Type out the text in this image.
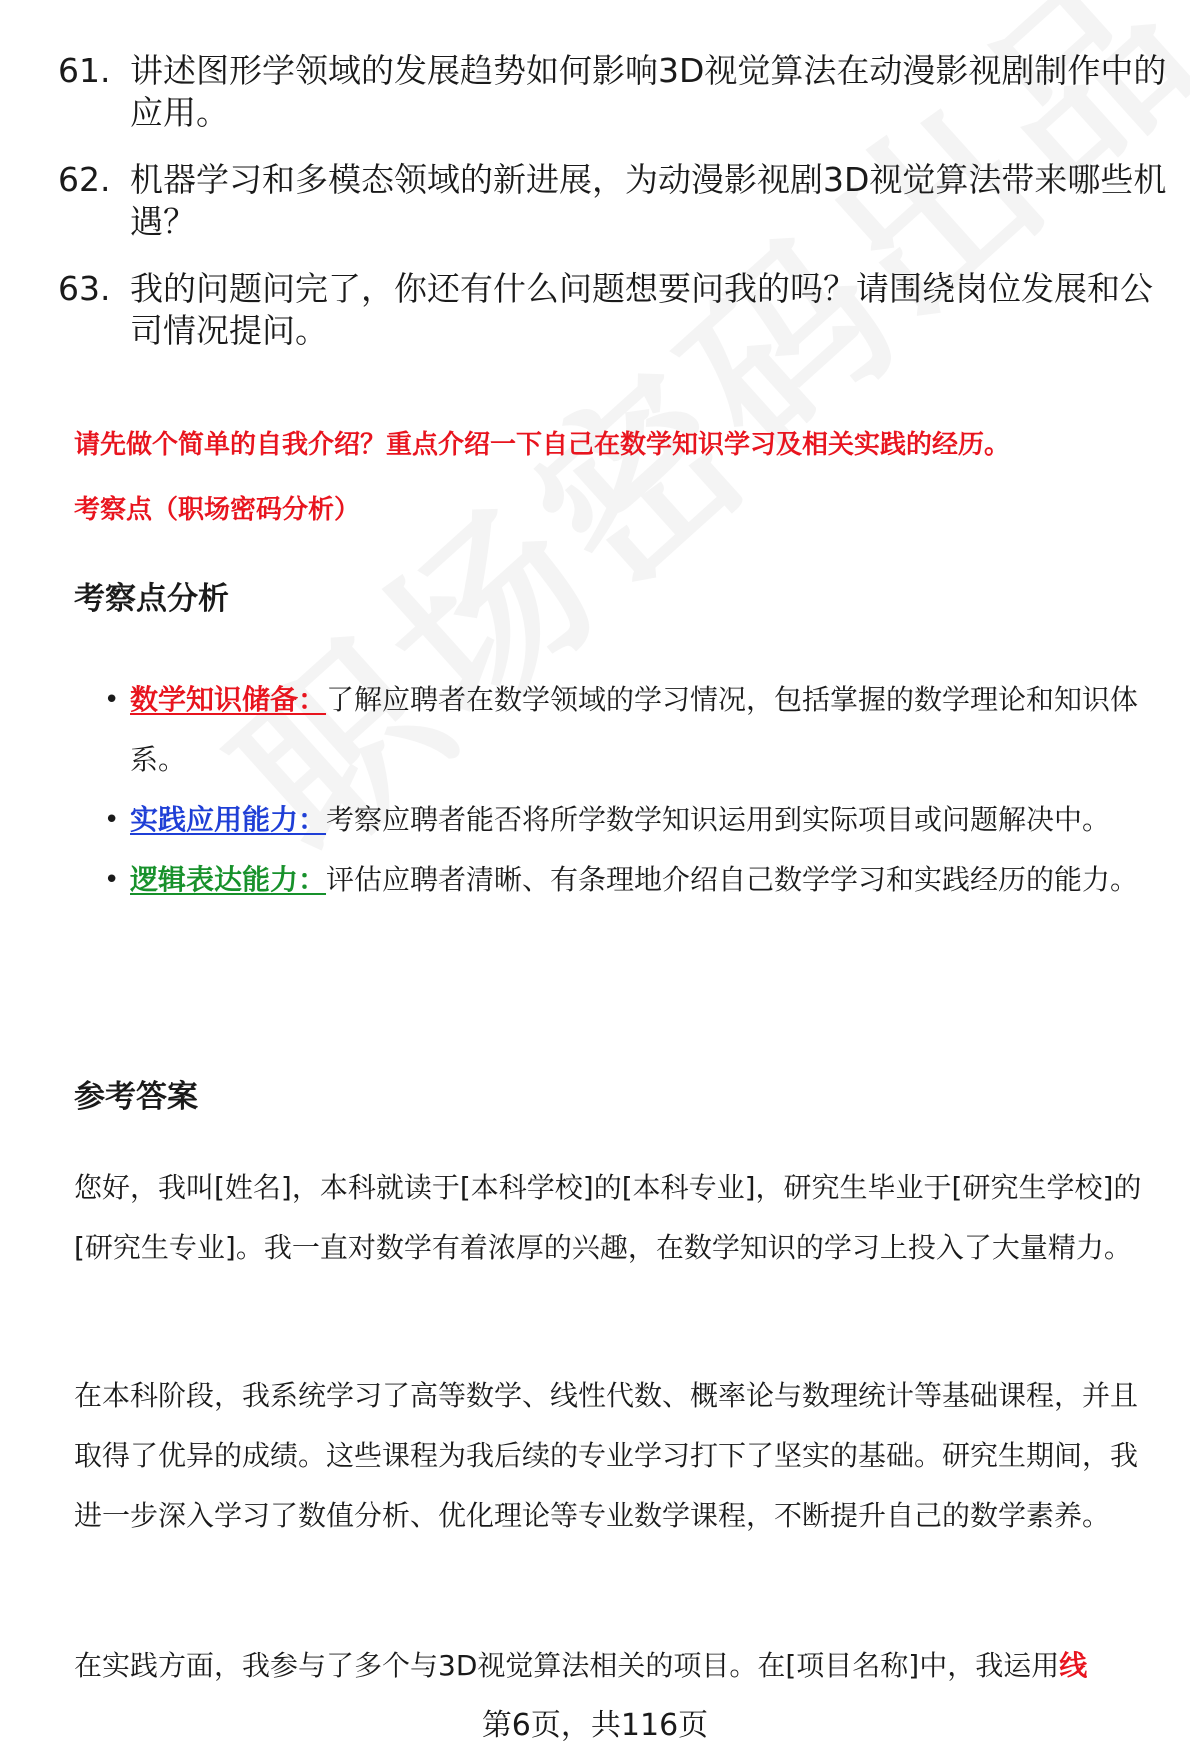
61. 讲述图形学领域的发展趋势如何影响3D视觉算法在动漫影视剧制作中的应用。
62. 机器学习和多模态领域的新进展，为动漫影视剧3D视觉算法带来哪些机遇？
63. 我的问题问完了，你还有什么问题想要问我的吗？请围绕岗位发展和公司情况提问。
请先做个简单的自我介绍？重点介绍一下自己在数学知识学习及相关实践的经历。
考察点（职场密码分析）
考察点分析
• 数学知识储备：了解应聘者在数学领域的学习情况，包括掌握的数学理论和知识体系。
• 实践应用能力：考察应聘者能否将所学数学知识运用到实际项目或问题解决中。
• 逻辑表达能力：评估应聘者清晰、有条理地介绍自己数学学习和实践经历的能力。
参考答案
您好，我叫[姓名]，本科就读于[本科学校]的[本科专业]，研究生毕业于[研究生学校]的[研究生专业]。我一直对数学有着浓厚的兴趣，在数学知识的学习上投入了大量精力。
在本科阶段，我系统学习了高等数学、线性代数、概率论与数理统计等基础课程，并且取得了优异的成绩。这些课程为我后续的专业学习打下了坚实的基础。研究生期间，我进一步深入学习了数值分析、优化理论等专业数学课程，不断提升自己的数学素养。
在实践方面，我参与了多个与3D视觉算法相关的项目。在[项目名称]中，我运用线
第6页，共116页
